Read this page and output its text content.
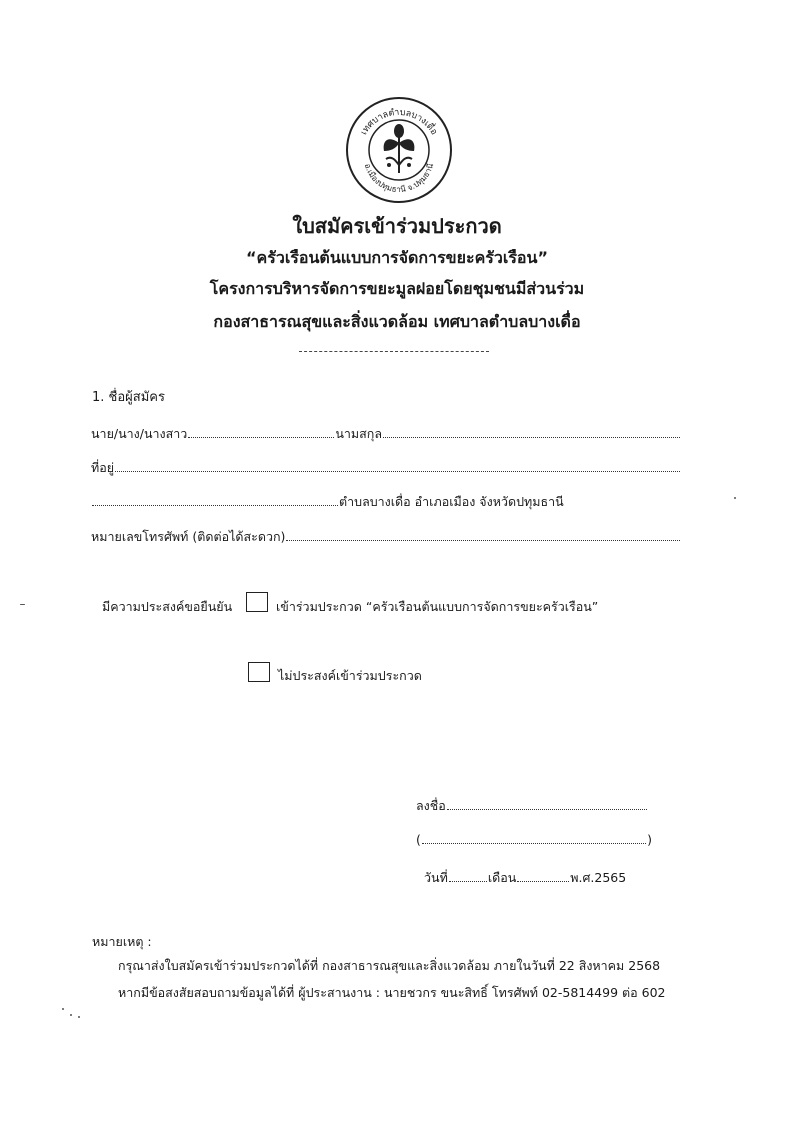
เทศบาลตำบลบางเดื่อ
อ.เมืองปทุมธานี จ.ปทุมธานี
ใบสมัครเข้าร่วมประกวด
“ครัวเรือนต้นแบบการจัดการขยะครัวเรือน”
โครงการบริหารจัดการขยะมูลฝอยโดยชุมชนมีส่วนร่วม
กองสาธารณสุขและสิ่งแวดล้อม เทศบาลตำบลบางเดื่อ
1. ชื่อผู้สมัคร
นาย/นาง/นางสาว	นามสกุล
ที่อยู่
ตำบลบางเดื่อ อำเภอเมือง จังหวัดปทุมธานี
หมายเลขโทรศัพท์ (ติดต่อได้สะดวก)
มีความประสงค์ขอยืนยัน	เข้าร่วมประกวด “ครัวเรือนต้นแบบการจัดการขยะครัวเรือน”
ไม่ประสงค์เข้าร่วมประกวด
ลงชื่อ
(	)
วันที่	เดือน	พ.ศ.2565
หมายเหตุ :
กรุณาส่งใบสมัครเข้าร่วมประกวดได้ที่ กองสาธารณสุขและสิ่งแวดล้อม ภายในวันที่ 22 สิงหาคม 2568
หากมีข้อสงสัยสอบถามข้อมูลได้ที่ ผู้ประสานงาน : นายชวกร ขนะสิทธิ์ โทรศัพท์ 02-5814499 ต่อ 602
